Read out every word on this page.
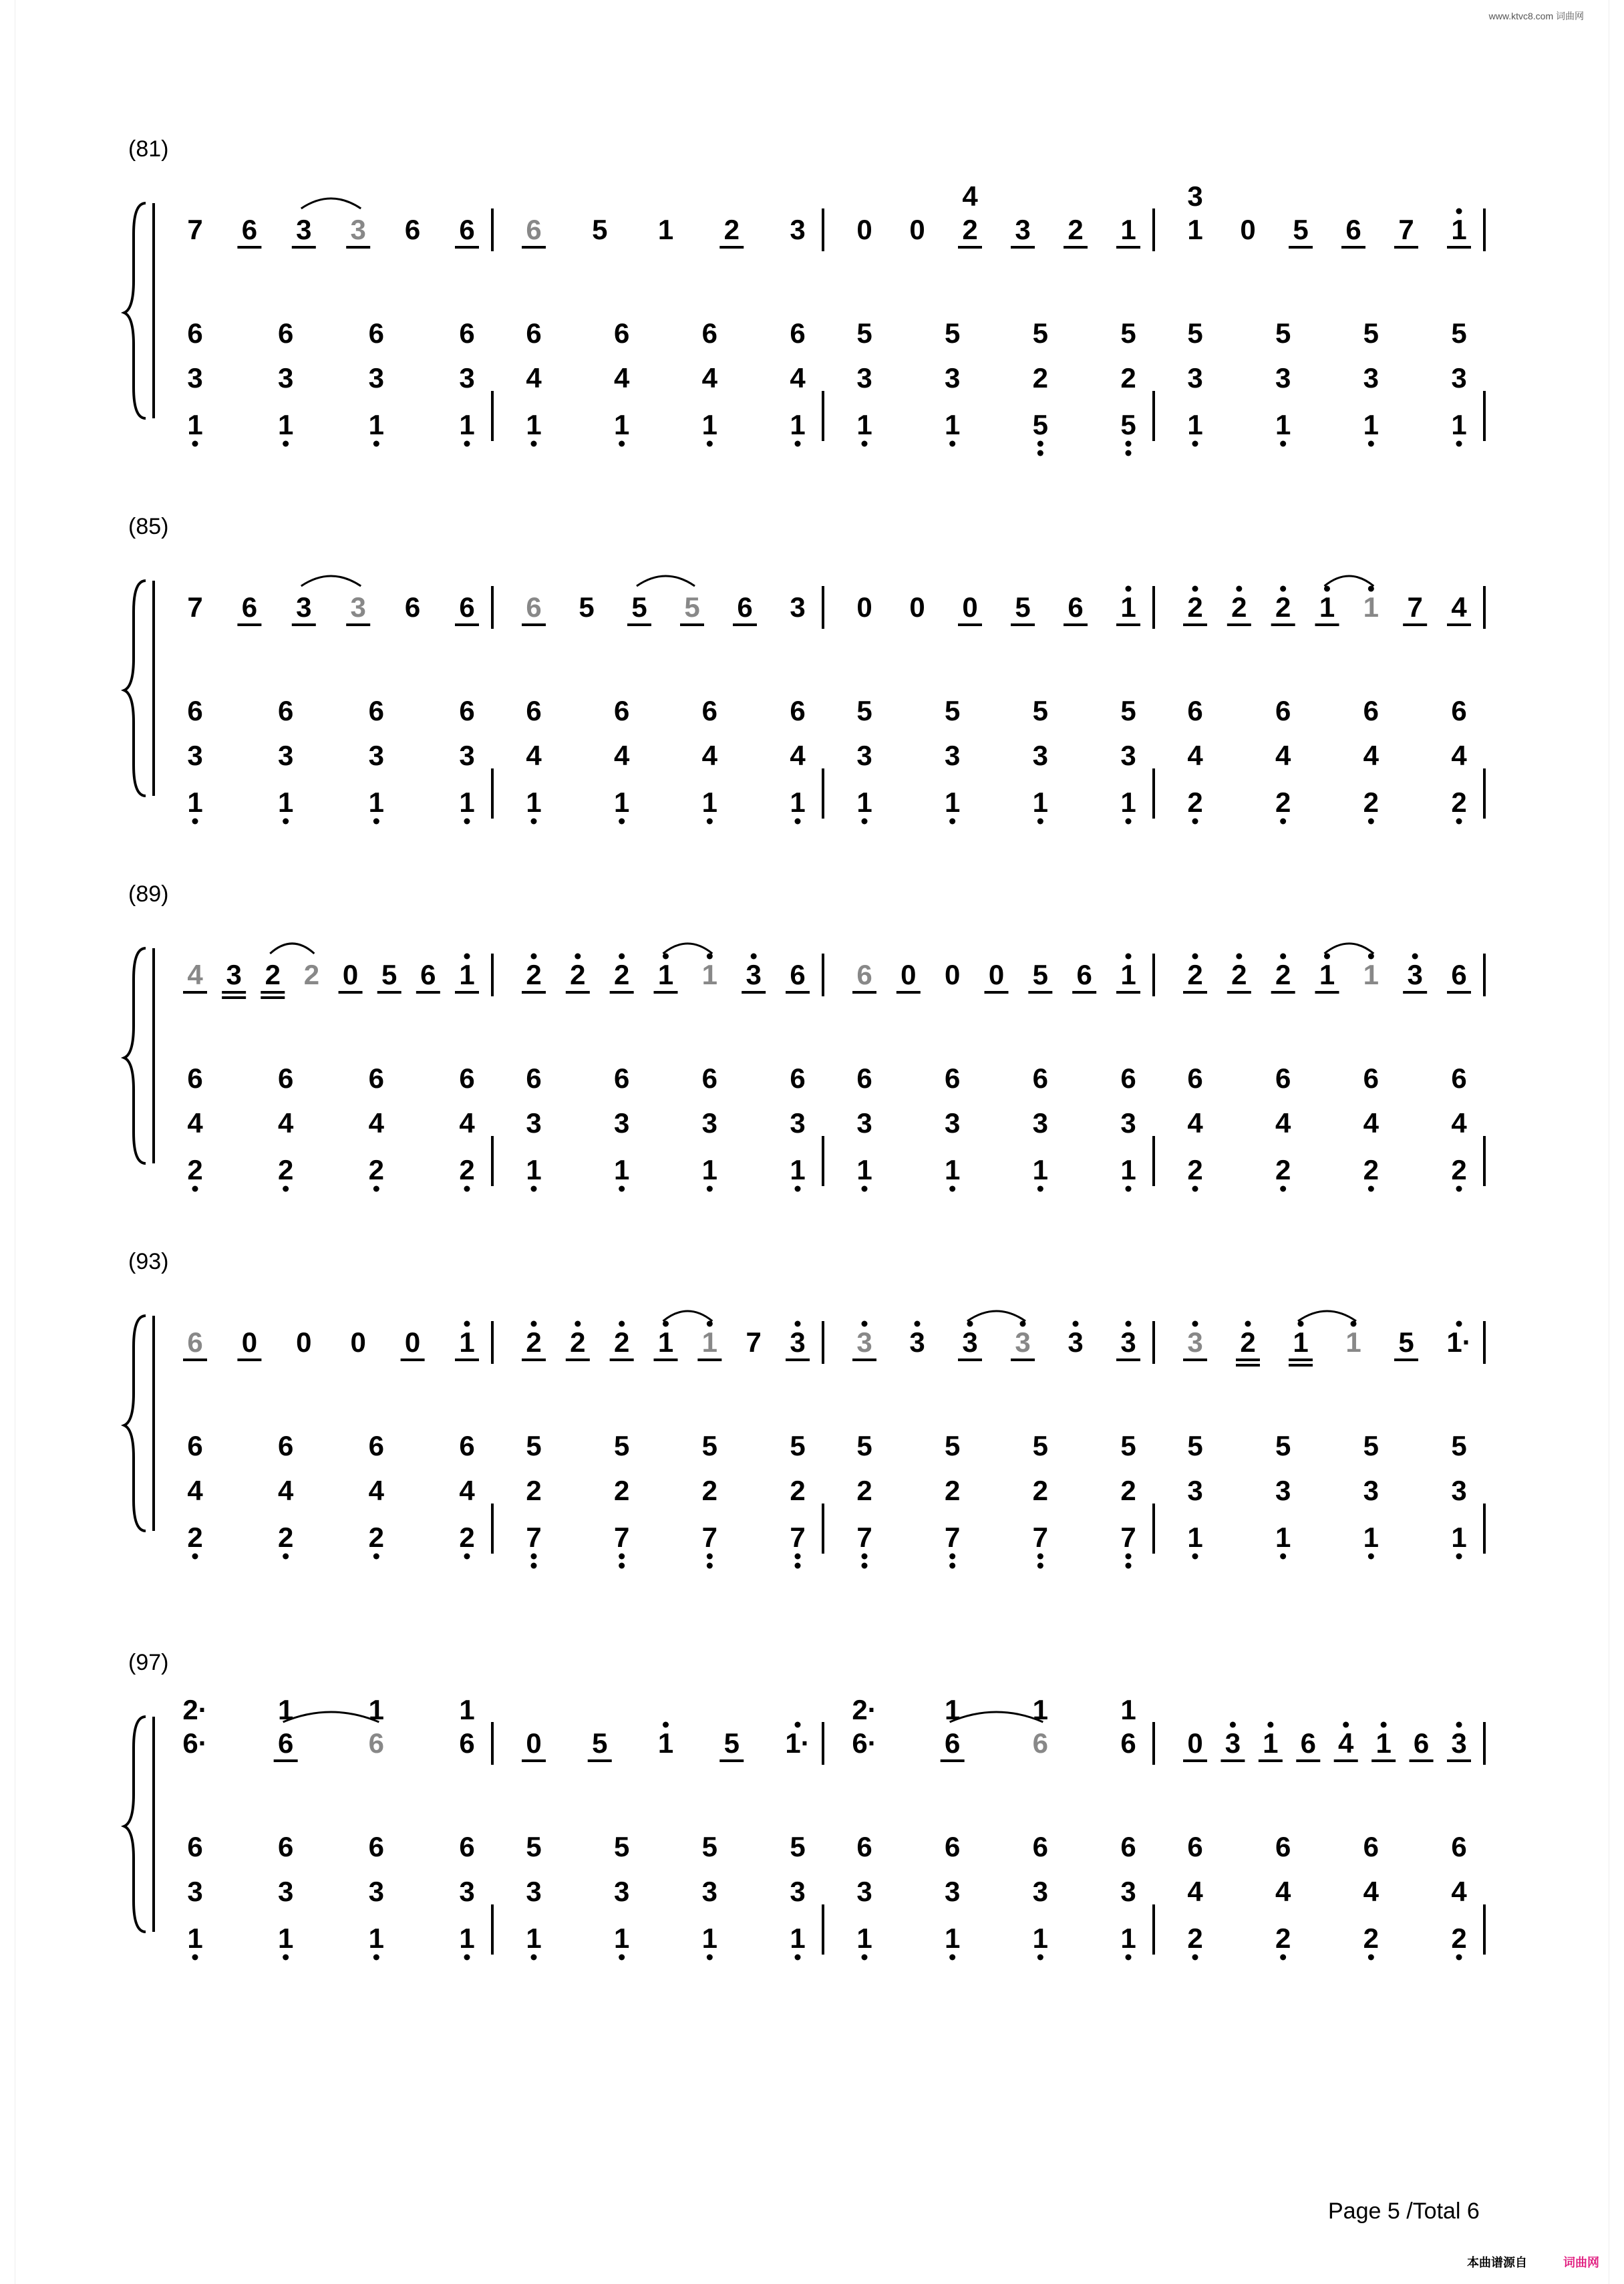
www.ktvc8.com 词曲网
(81)
7 6 3 3 6 6 6 5 1 2 3 0 0 2
4
3 2 1 1
3
0 5 6 7 1
6
3
1
6
3
1
6
3
1
6
3
1
6
4
1
6
4
1
6
4
1
6
4
1
5
3
1
5
3
1
5
2
5
5
2
5
5
3
1
5
3
1
5
3
1
5
3
1
(85)
7 6 3 3 6 6 6 5 5 5 6 3 0 0 0 5 6 1 2 2 2 1 1 7 4
6
3
1
6
3
1
6
3
1
6
3
1
6
4
1
6
4
1
6
4
1
6
4
1
5
3
1
5
3
1
5
3
1
5
3
1
6
4
2
6
4
2
6
4
2
6
4
2
(89)
4 3 2 2 0 5 6 1 2 2 2 1 1 3 6 6 0 0 0 5 6 1 2 2 2 1 1 3 6
6
4
2
6
4
2
6
4
2
6
4
2
6
3
1
6
3
1
6
3
1
6
3
1
6
3
1
6
3
1
6
3
1
6
3
1
6
4
2
6
4
2
6
4
2
6
4
2
(93)
6 0 0 0 0 1 2 2 2 1 1 7 3 3 3 3 3 3 3 3 2 1 1 5 1·
6
4
2
6
4
2
6
4
2
6
4
2
5
2
7
5
2
7
5
2
7
5
2
7
5
2
7
5
2
7
5
2
7
5
2
7
5
3
1
5
3
1
5
3
1
5
3
1
(97)
6·
2·
6
1
6
1
6
1
0 5 1 5 1· 6·
2·
6
1
6
1
6
1
0 3 1 6 4 1 6 3
6
3
1
6
3
1
6
3
1
6
3
1
5
3
1
5
3
1
5
3
1
5
3
1
6
3
1
6
3
1
6
3
1
6
3
1
6
4
2
6
4
2
6
4
2
6
4
2
Page 5 /Total 6
本曲谱源自	词曲网
